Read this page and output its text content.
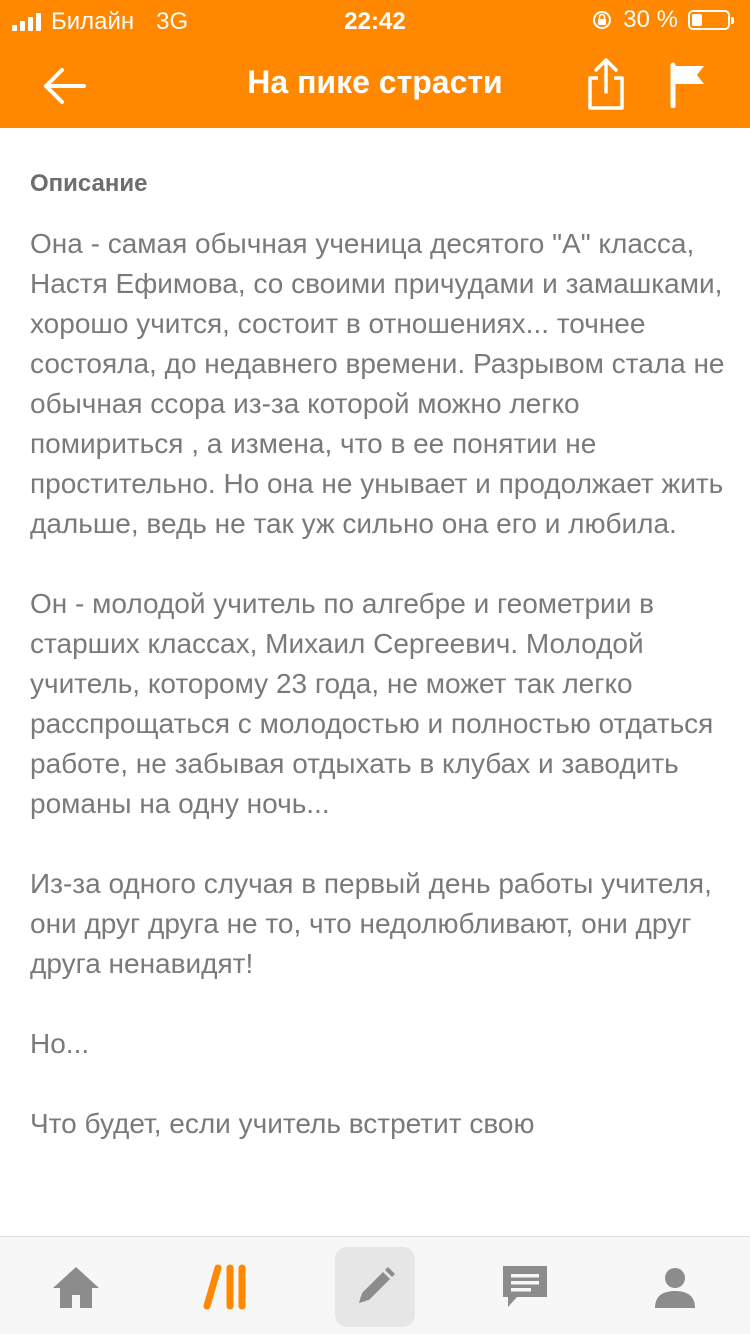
Билайн 3G	22:42	30 %
На пике страсти
Описание

Она - самая обычная ученица десятого "А" класса, Настя Ефимова, со своими причудами и замашками, хорошо учится, состоит в отношениях... точнее состояла, до недавнего времени. Разрывом стала не обычная ссора из-за которой можно легко помириться , а измена, что в ее понятии не простительно. Но она не унывает и продолжает жить дальше, ведь не так уж сильно она его и любила.

Он - молодой учитель по алгебре и геометрии в старших классах, Михаил Сергеевич. Молодой учитель, которому 23 года, не может так легко расспрощаться с молодостью и полностью отдаться работе, не забывая отдыхать в клубах и заводить романы на одну ночь...

Из-за одного случая в первый день работы учителя, они друг друга не то, что недолюбливают, они друг друга ненавидят!

Но...

Что будет, если учитель встретит свою
